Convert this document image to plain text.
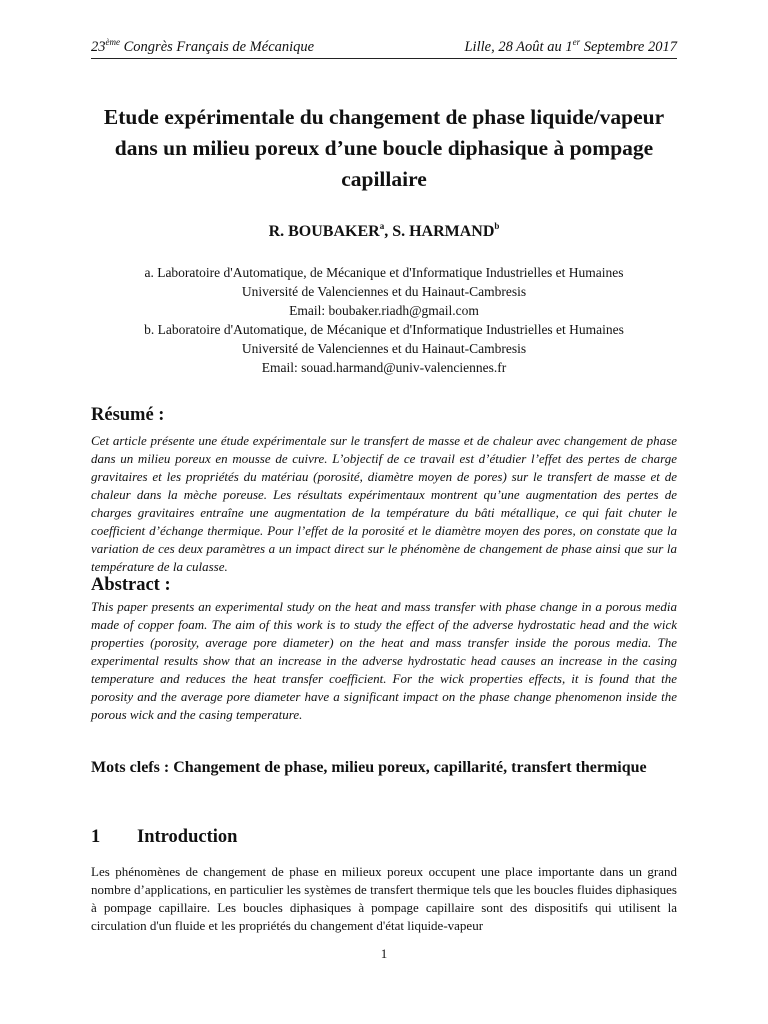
23ème Congrès Français de Mécanique	Lille, 28 Août au 1er Septembre 2017
Etude expérimentale du changement de phase liquide/vapeur dans un milieu poreux d’une boucle diphasique à pompage capillaire
R. BOUBAKER$^a$, S. HARMAND$^b$
a. Laboratoire d'Automatique, de Mécanique et d'Informatique Industrielles et Humaines
Université de Valenciennes et du Hainaut-Cambresis
Email: boubaker.riadh@gmail.com
b. Laboratoire d'Automatique, de Mécanique et d'Informatique Industrielles et Humaines
Université de Valenciennes et du Hainaut-Cambresis
Email: souad.harmand@univ-valenciennes.fr
Résumé :

Cet article présente une étude expérimentale sur le transfert de masse et de chaleur avec changement de phase dans un milieu poreux en mousse de cuivre. L’objectif de ce travail est d’étudier l’effet des pertes de charge gravitaires et les propriétés du matériau (porosité, diamètre moyen de pores) sur le transfert de masse et de chaleur dans la mèche poreuse. Les résultats expérimentaux montrent qu’une augmentation des pertes de charges gravitaires entraîne une augmentation de la température du bâti métallique, ce qui fait chuter le coefficient d’échange thermique. Pour l’effet de la porosité et le diamètre moyen des pores, on constate que la variation de ces deux paramètres a un impact direct sur le phénomène de changement de phase ainsi que sur la température de la culasse.

Abstract :

This paper presents an experimental study on the heat and mass transfer with phase change in a porous media made of copper foam. The aim of this work is to study the effect of the adverse hydrostatic head and the wick properties (porosity, average pore diameter) on the heat and mass transfer inside the porous media. The experimental results show that an increase in the adverse hydrostatic head causes an increase in the casing temperature and reduces the heat transfer coefficient. For the wick properties effects, it is found that the porosity and the average pore diameter have a significant impact on the phase change phenomenon inside the porous wick and the casing temperature.

Mots clefs : Changement de phase, milieu poreux, capillarité, transfert thermique
1	Introduction

Les phénomènes de changement de phase en milieux poreux occupent une place importante dans un grand nombre d’applications, en particulier les systèmes de transfert thermique tels que les boucles fluides diphasiques à pompage capillaire. Les boucles diphasiques à pompage capillaire sont des dispositifs qui utilisent la circulation d'un fluide et les propriétés du changement d'état liquide-vapeur

1
